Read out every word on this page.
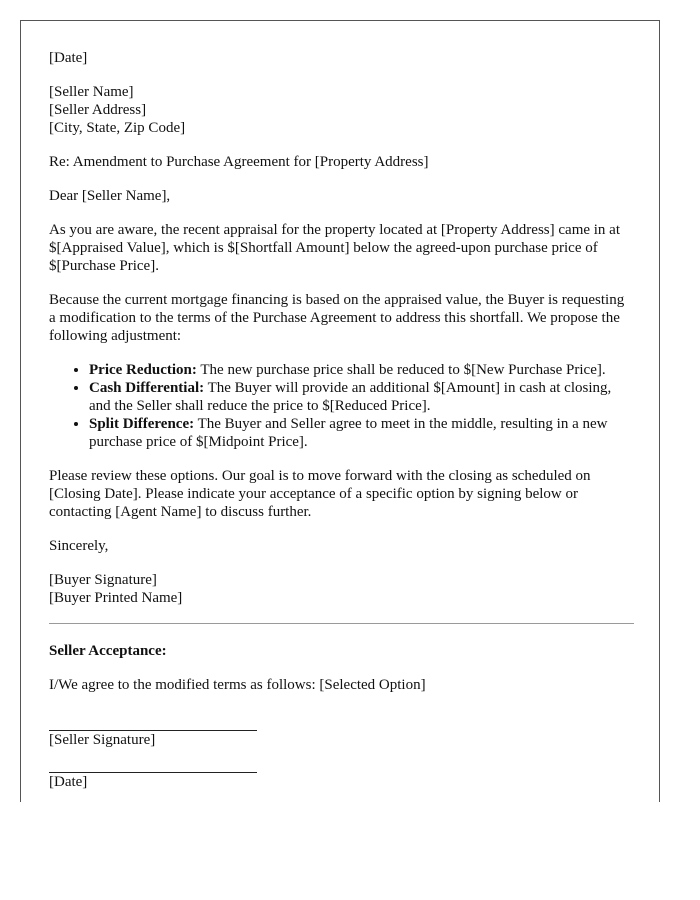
[Date]

[Seller Name]

[Seller Address]

[City, State, Zip Code]

Re: Amendment to Purchase Agreement for [Property Address]

Dear [Seller Name],

As you are aware, the recent appraisal for the property located at [Property Address] came in at $[Appraised Value], which is $[Shortfall Amount] below the agreed-upon purchase price of $[Purchase Price].

Because the current mortgage financing is based on the appraised value, the Buyer is requesting a modification to the terms of the Purchase Agreement to address this shortfall. We propose the following adjustment:

• Price Reduction: The new purchase price shall be reduced to $[New Purchase Price].
• Cash Differential: The Buyer will provide an additional $[Amount] in cash at closing, and the Seller shall reduce the price to $[Reduced Price].
• Split Difference: The Buyer and Seller agree to meet in the middle, resulting in a new purchase price of $[Midpoint Price].

Please review these options. Our goal is to move forward with the closing as scheduled on [Closing Date]. Please indicate your acceptance of a specific option by signing below or contacting [Agent Name] to discuss further.

Sincerely,

[Buyer Signature]

[Buyer Printed Name]

Seller Acceptance:

I/We agree to the modified terms as follows: [Selected Option]

[Seller Signature]

[Date]
